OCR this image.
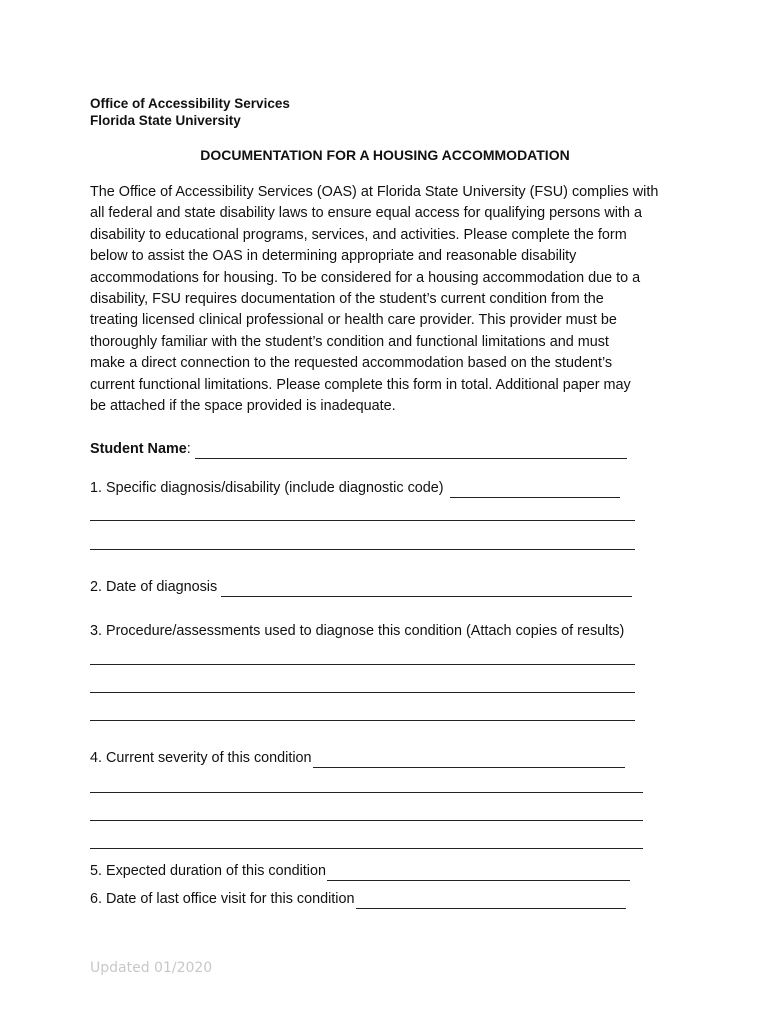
Office of Accessibility Services
Florida State University
DOCUMENTATION FOR A HOUSING ACCOMMODATION
The Office of Accessibility Services (OAS) at Florida State University (FSU) complies with
all federal and state disability laws to ensure equal access for qualifying persons with a
disability to educational programs, services, and activities. Please complete the form
below to assist the OAS in determining appropriate and reasonable disability
accommodations for housing. To be considered for a housing accommodation due to a
disability, FSU requires documentation of the student’s current condition from the
treating licensed clinical professional or health care provider. This provider must be
thoroughly familiar with the student’s condition and functional limitations and must
make a direct connection to the requested accommodation based on the student’s
current functional limitations. Please complete this form in total. Additional paper may
be attached if the space provided is inadequate.
Student Name :
1. Specific diagnosis/disability (include diagnostic code)
2. Date of diagnosis
3. Procedure/assessments used to diagnose this condition (Attach copies of results)
4. Current severity of this condition
5. Expected duration of this condition
6. Date of last office visit for this condition
Updated 01/2020
